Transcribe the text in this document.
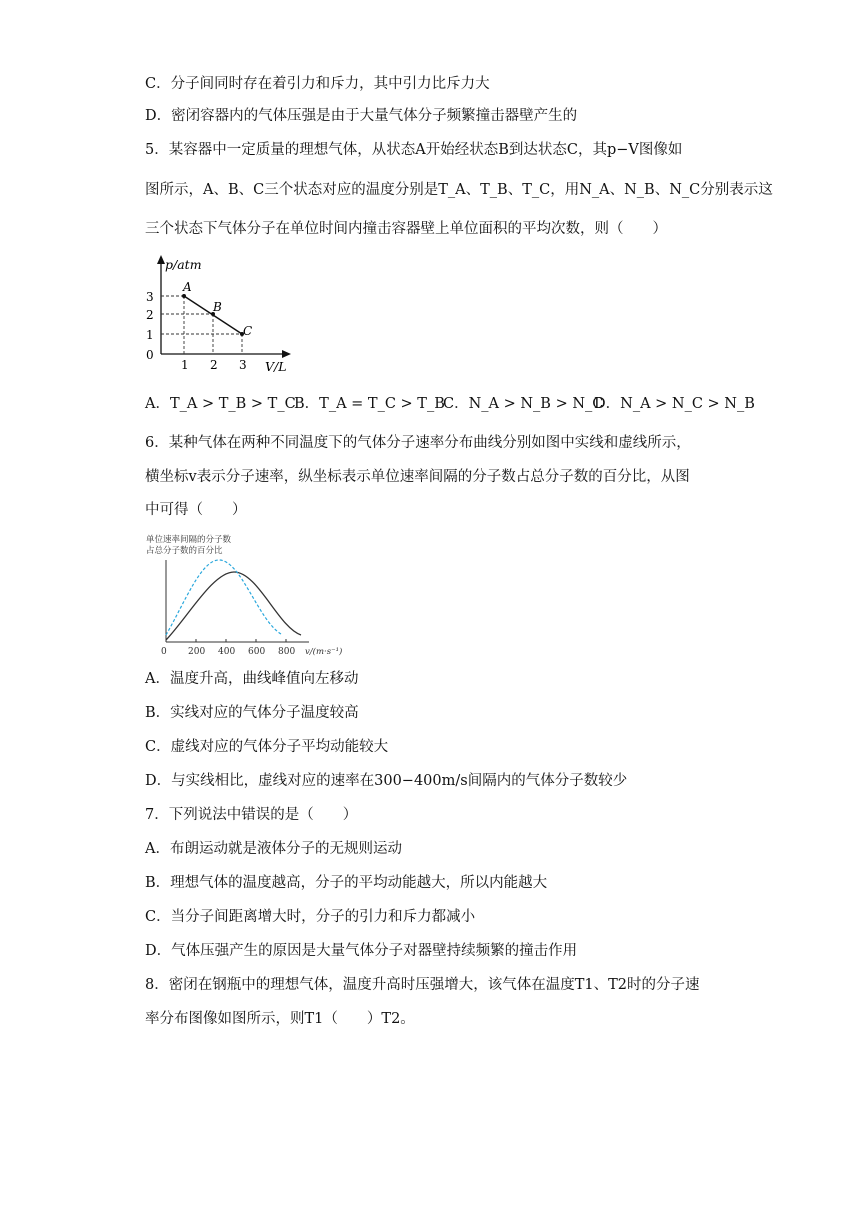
C．分子间同时存在着引力和斥力，其中引力比斥力大
D．密闭容器内的气体压强是由于大量气体分子频繁撞击器壁产生的
5．某容器中一定质量的理想气体，从状态A开始经状态B到达状态C，其p−V图像如
图所示，A、B、C三个状态对应的温度分别是T_A、T_B、T_C，用N_A、N_B、N_C分别表示这
三个状态下气体分子在单位时间内撞击容器壁上单位面积的平均次数，则（　　）
A
B
C
3
2
1
0
1 2 3
p/atm
V/L
A．T_A > T_B > T_C
B．T_A = T_C > T_B
C．N_A > N_B > N_C
D．N_A > N_C > N_B
6．某种气体在两种不同温度下的气体分子速率分布曲线分别如图中实线和虚线所示，
横坐标v表示分子速率，纵坐标表示单位速率间隔的分子数占总分子数的百分比，从图
中可得（　　）
单位速率间隔的分子数
占总分子数的百分比
0 200 400 600 800 v/(m·s⁻¹)
A．温度升高，曲线峰值向左移动
B．实线对应的气体分子温度较高
C．虚线对应的气体分子平均动能较大
D．与实线相比，虚线对应的速率在300−400m/s间隔内的气体分子数较少
7．下列说法中错误的是（　　）
A．布朗运动就是液体分子的无规则运动
B．理想气体的温度越高，分子的平均动能越大，所以内能越大
C．当分子间距离增大时，分子的引力和斥力都减小
D．气体压强产生的原因是大量气体分子对器壁持续频繁的撞击作用
8．密闭在钢瓶中的理想气体，温度升高时压强增大，该气体在温度T1、T2时的分子速
率分布图像如图所示，则T1（　　）T2。
